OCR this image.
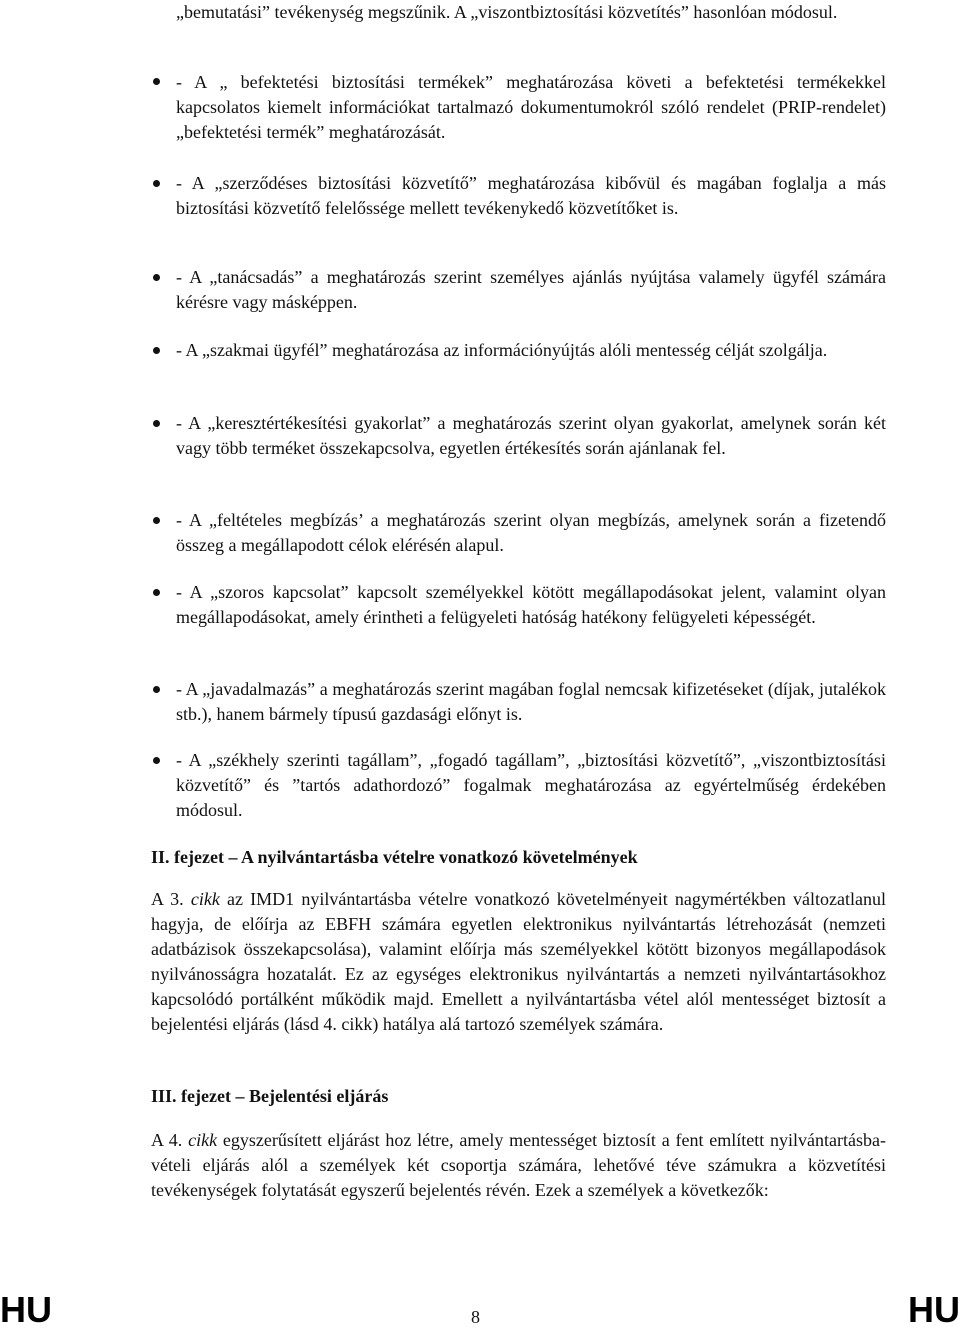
„bemutatási” tevékenység megszűnik. A „viszontbiztosítási közvetítés” hasonlóan módosul.

- A „ befektetési biztosítási termékek” meghatározása követi a befektetési termékekkel kapcsolatos kiemelt információkat tartalmazó dokumentumokról szóló rendelet (PRIP-rendelet) „befektetési termék” meghatározását.

- A „szerződéses biztosítási közvetítő” meghatározása kibővül és magában foglalja a más biztosítási közvetítő felelőssége mellett tevékenykedő közvetítőket is.

- A „tanácsadás” a meghatározás szerint személyes ajánlás nyújtása valamely ügyfél számára kérésre vagy másképpen.

- A „szakmai ügyfél” meghatározása az információnyújtás alóli mentesség célját szolgálja.

- A „keresztértékesítési gyakorlat” a meghatározás szerint olyan gyakorlat, amelynek során két vagy több terméket összekapcsolva, egyetlen értékesítés során ajánlanak fel.

- A „feltételes megbízás’ a meghatározás szerint olyan megbízás, amelynek során a fizetendő összeg a megállapodott célok elérésén alapul.

- A „szoros kapcsolat” kapcsolt személyekkel kötött megállapodásokat jelent, valamint olyan megállapodásokat, amely érintheti a felügyeleti hatóság hatékony felügyeleti képességét.

- A „javadalmazás” a meghatározás szerint magában foglal nemcsak kifizetéseket (díjak, jutalékok stb.), hanem bármely típusú gazdasági előnyt is.

- A „székhely szerinti tagállam”, „fogadó tagállam”, „biztosítási közvetítő”, „viszontbiztosítási közvetítő” és ”tartós adathordozó” fogalmak meghatározása az egyértelműség érdekében módosul.

II. fejezet – A nyilvántartásba vételre vonatkozó követelmények

A 3. cikk az IMD1 nyilvántartásba vételre vonatkozó követelményeit nagymértékben változatlanul hagyja, de előírja az EBFH számára egyetlen elektronikus nyilvántartás létrehozását (nemzeti adatbázisok összekapcsolása), valamint előírja más személyekkel kötött bizonyos megállapodások nyilvánosságra hozatalát. Ez az egységes elektronikus nyilvántartás a nemzeti nyilvántartásokhoz kapcsolódó portálként működik majd. Emellett a nyilvántartásba vétel alól mentességet biztosít a bejelentési eljárás (lásd 4. cikk) hatálya alá tartozó személyek számára.

III. fejezet – Bejelentési eljárás

A 4. cikk egyszerűsített eljárást hoz létre, amely mentességet biztosít a fent említett nyilvántartásba-vételi eljárás alól a személyek két csoportja számára, lehetővé téve számukra a közvetítési tevékenységek folytatását egyszerű bejelentés révén. Ezek a személyek a következők:

HU	8	HU
